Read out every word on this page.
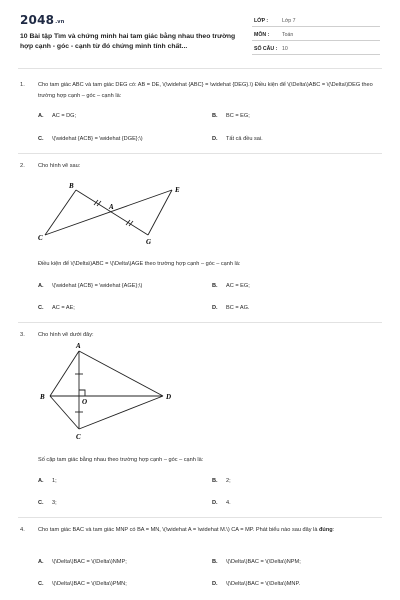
2048.vn
10 Bài tập Tìm và chứng minh hai tam giác bằng nhau theo trường hợp cạnh - góc - cạnh từ đó chứng minh tính chất...
LỚP :	Lớp 7
MÔN : Toán
SỐ CÂU : 10
1. Cho tam giác ABC và tam giác DEG có: AB = DE, \(\widehat {ABC} = \widehat {DEG}.\) Điều kiện để \(\Delta\)ABC = \(\Delta\)DEG theo trường hợp cạnh – góc – cạnh là:
A. AC = DG;	B. BC = EG;
C. \(\widehat {ACB} = \widehat {DGE};\)	D. Tất cả đều sai.
2. Cho hình vẽ sau:
B	E
A
C	G
Điều kiện để \(\Delta\)ABC = \(\Delta\)AGE theo trường hợp cạnh – góc – cạnh là:
A. \(\widehat {ACB} = \widehat {AGE};\)	B. AC = EG;
C. AC = AE;	D. BC = AG.
3. Cho hình vẽ dưới đây:
A
B	D
O
C
Số cặp tam giác bằng nhau theo trường hợp cạnh – góc – cạnh là:
A. 1;	B. 2;
C. 3;	D. 4.
4. Cho tam giác BAC và tam giác MNP có BA = MN, \(\widehat A = \widehat M.\) CA = MP. Phát biểu nào sau đây là đúng:
A. \(\Delta\)BAC = \(\Delta\)NMP;	B. \(\Delta\)BAC = \(\Delta\)NPM;
C. \(\Delta\)BAC = \(\Delta\)PMN;	D. \(\Delta\)BAC = \(\Delta\)MNP.
